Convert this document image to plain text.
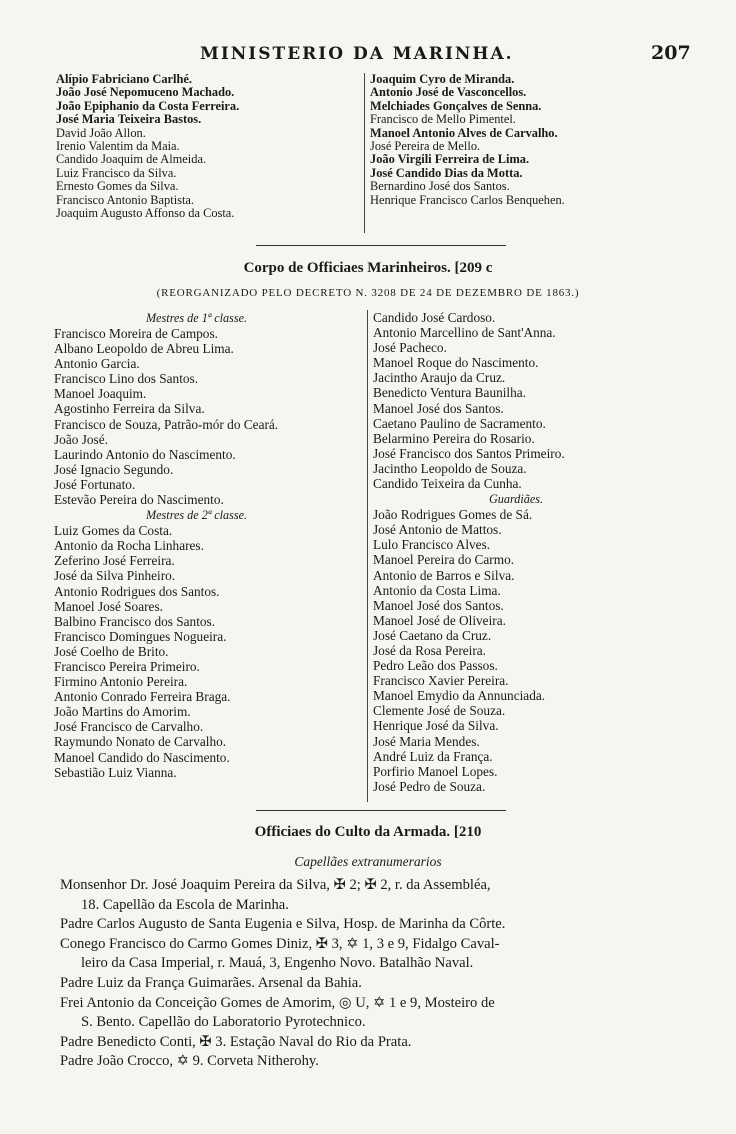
MINISTERIO DA MARINHA.	207
Alípio Fabriciano Carlhé.
João José Nepomuceno Machado.
João Epiphanio da Costa Ferreira.
José Maria Teixeira Bastos.
David João Allon.
Irenio Valentim da Maia.
Candido Joaquim de Almeida.
Luiz Francisco da Silva.
Ernesto Gomes da Silva.
Francisco Antonio Baptista.
Joaquim Augusto Affonso da Costa.
Joaquim Cyro de Miranda.
Antonio José de Vasconcellos.
Melchiades Gonçalves de Senna.
Francisco de Mello Pimentel.
Manoel Antonio Alves de Carvalho.
José Pereira de Mello.
João Virgili Ferreira de Lima.
José Candido Dias da Motta.
Bernardino José dos Santos.
Henrique Francisco Carlos Benquehen.
Corpo de Officiaes Marinheiros. [209 c
(REORGANIZADO PELO DECRETO N. 3208 DE 24 DE DEZEMBRO DE 1863.)
Mestres de 1ª classe.
Francisco Moreira de Campos.
Albano Leopoldo de Abreu Lima.
Antonio Garcia.
Francisco Lino dos Santos.
Manoel Joaquim.
Agostinho Ferreira da Silva.
Francisco de Souza, Patrão-mór do Ceará.
João José.
Laurindo Antonio do Nascimento.
José Ignacio Segundo.
José Fortunato.
Estevão Pereira do Nascimento.
Mestres de 2ª classe.
Luiz Gomes da Costa.
Antonio da Rocha Linhares.
Zeferino José Ferreira.
José da Silva Pinheiro.
Antonio Rodrigues dos Santos.
Manoel José Soares.
Balbino Francisco dos Santos.
Francisco Domingues Nogueira.
José Coelho de Brito.
Francisco Pereira Primeiro.
Firmino Antonio Pereira.
Antonio Conrado Ferreira Braga.
João Martins do Amorim.
José Francisco de Carvalho.
Raymundo Nonato de Carvalho.
Manoel Candido do Nascimento.
Sebastião Luiz Vianna.
Candido José Cardoso.
Antonio Marcellino de Sant'Anna.
José Pacheco.
Manoel Roque do Nascimento.
Jacintho Araujo da Cruz.
Benedicto Ventura Baunilha.
Manoel José dos Santos.
Caetano Paulino de Sacramento.
Belarmino Pereira do Rosario.
José Francisco dos Santos Primeiro.
Jacintho Leopoldo de Souza.
Candido Teixeira da Cunha.
Guardiães.
João Rodrigues Gomes de Sá.
José Antonio de Mattos.
Lulo Francisco Alves.
Manoel Pereira do Carmo.
Antonio de Barros e Silva.
Antonio da Costa Lima.
Manoel José dos Santos.
Manoel José de Oliveira.
José Caetano da Cruz.
José da Rosa Pereira.
Pedro Leão dos Passos.
Francisco Xavier Pereira.
Manoel Emydio da Annunciada.
Clemente José de Souza.
Henrique José da Silva.
José Maria Mendes.
André Luiz da França.
Porfirio Manoel Lopes.
José Pedro de Souza.
Officiaes do Culto da Armada. [210
Capellães extranumerarios
Monsenhor Dr. José Joaquim Pereira da Silva, ✠ 2; ✠ 2, r. da Assembléa,
18. Capellão da Escola de Marinha.
Padre Carlos Augusto de Santa Eugenia e Silva, Hosp. de Marinha da Côrte.
Conego Francisco do Carmo Gomes Diniz, ✠ 3, ✡ 1, 3 e 9, Fidalgo Caval-
leiro da Casa Imperial, r. Mauá, 3, Engenho Novo. Batalhão Naval.
Padre Luiz da França Guimarães. Arsenal da Bahia.
Frei Antonio da Conceição Gomes de Amorim, ◎ U, ✡ 1 e 9, Mosteiro de
S. Bento. Capellão do Laboratorio Pyrotechnico.
Padre Benedicto Conti, ✠ 3. Estação Naval do Rio da Prata.
Padre João Crocco, ✡ 9. Corveta Nitherohy.
